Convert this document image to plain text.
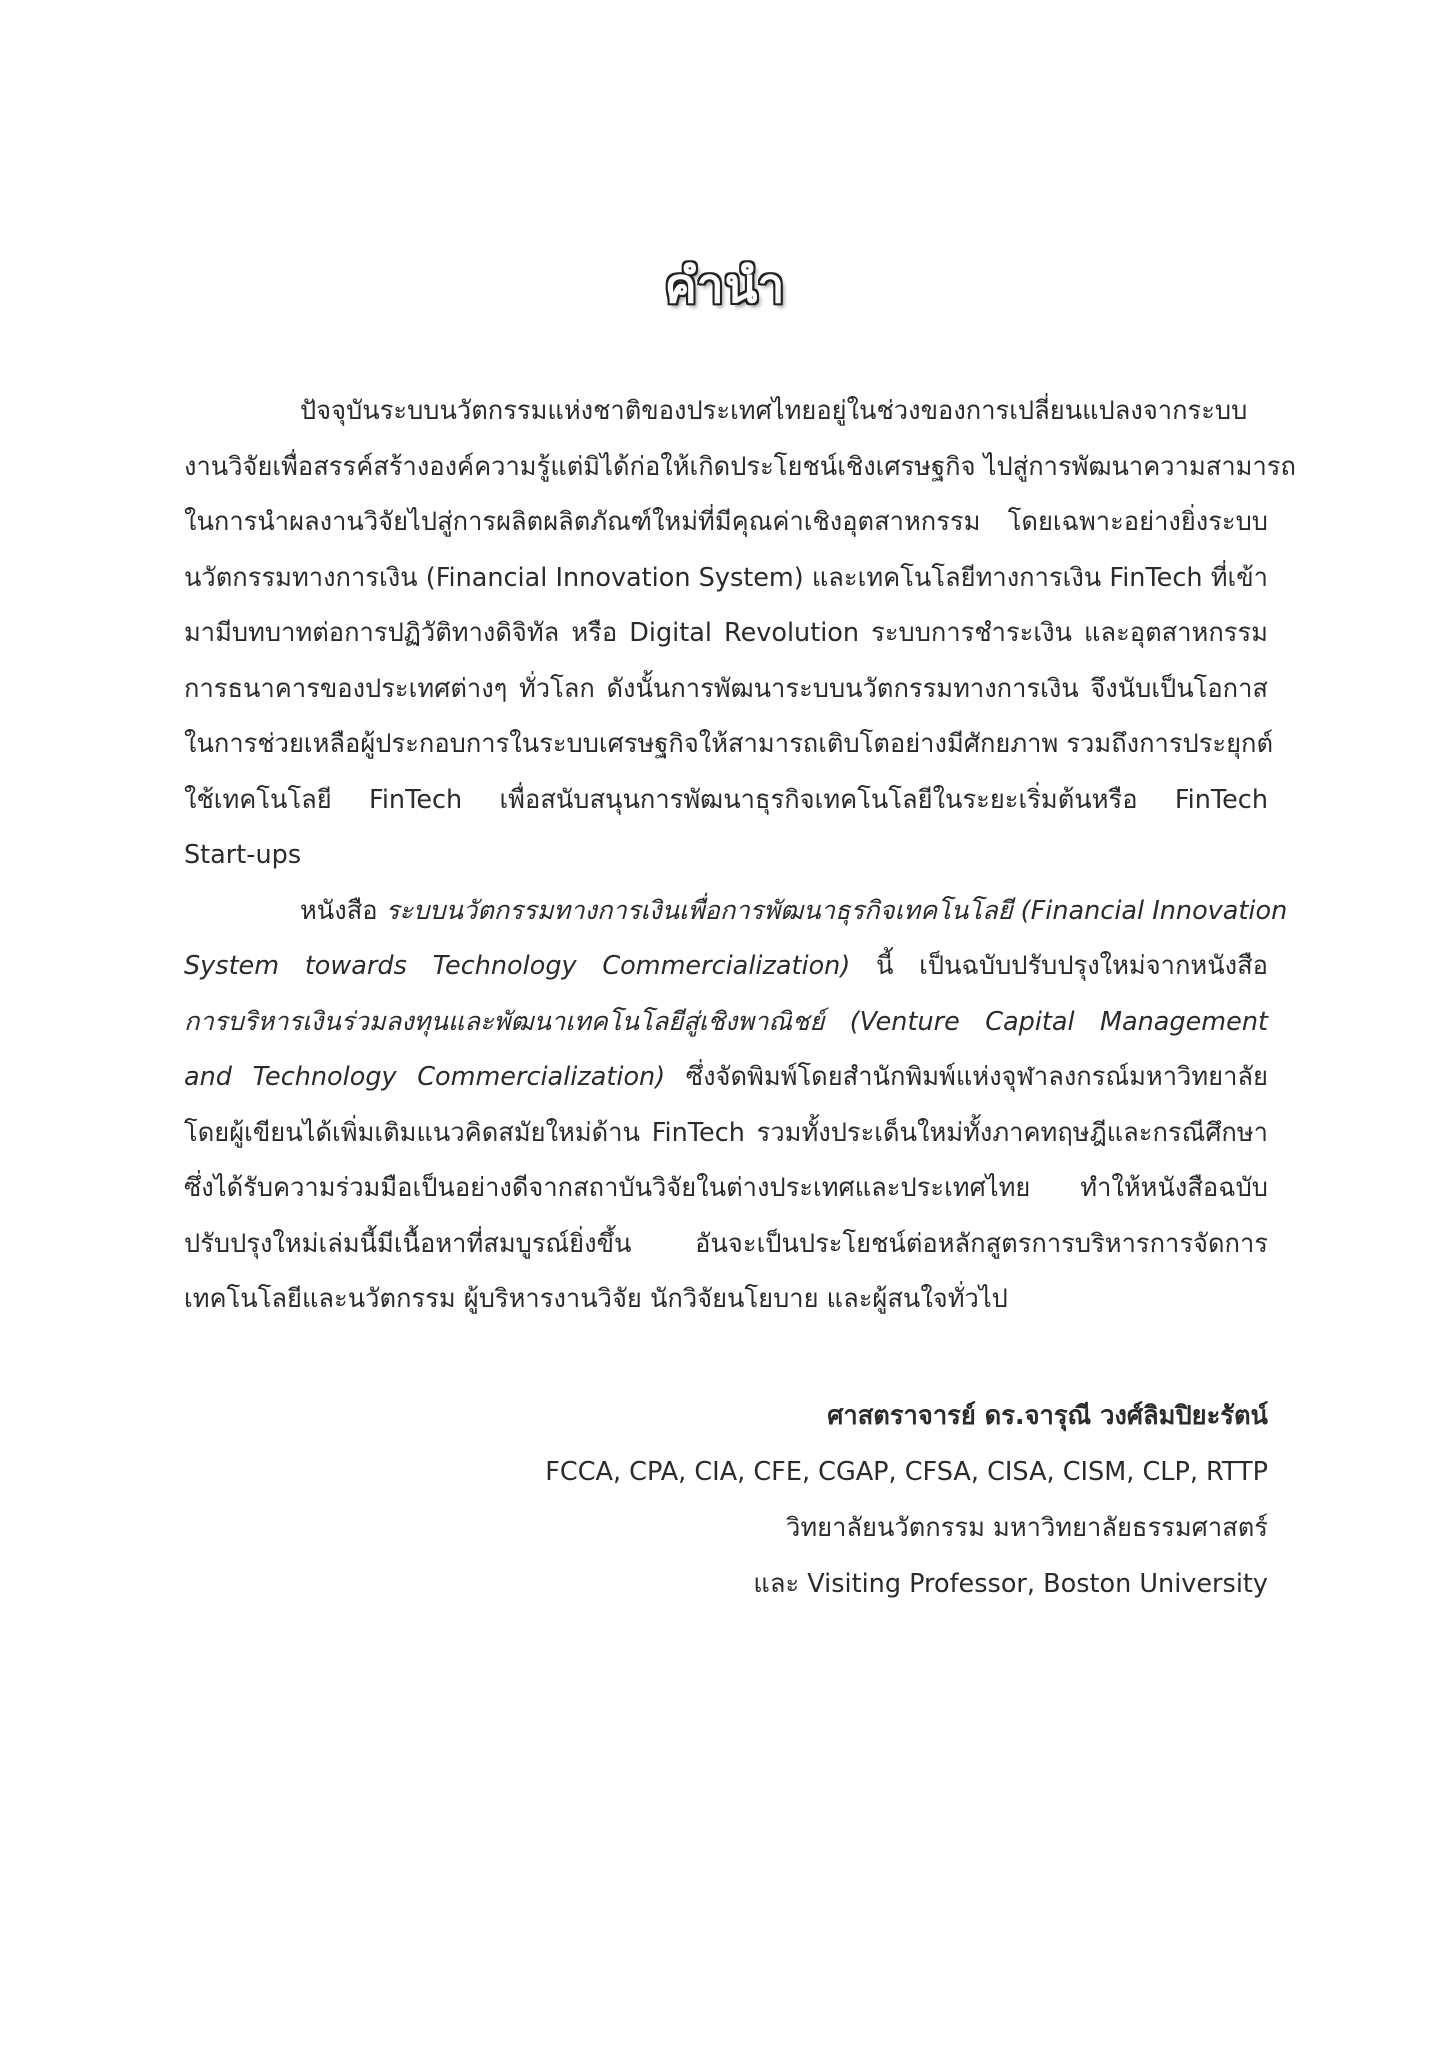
คำนำ
ปัจจุบันระบบนวัตกรรมแห่งชาติของประเทศไทยอยู่ในช่วงของการเปลี่ยนแปลงจากระบบ
งานวิจัยเพื่อสรรค์สร้างองค์ความรู้แต่มิได้ก่อให้เกิดประโยชน์เชิงเศรษฐกิจ ไปสู่การพัฒนาความสามารถ
ในการนำผลงานวิจัยไปสู่การผลิตผลิตภัณฑ์ใหม่ที่มีคุณค่าเชิงอุตสาหกรรม โดยเฉพาะอย่างยิ่งระบบ
นวัตกรรมทางการเงิน (Financial Innovation System) และเทคโนโลยีทางการเงิน FinTech ที่เข้า
มามีบทบาทต่อการปฏิวัติทางดิจิทัล หรือ Digital Revolution ระบบการชำระเงิน และอุตสาหกรรม
การธนาคารของประเทศต่างๆ ทั่วโลก ดังนั้นการพัฒนาระบบนวัตกรรมทางการเงิน จึงนับเป็นโอกาส
ในการช่วยเหลือผู้ประกอบการในระบบเศรษฐกิจให้สามารถเติบโตอย่างมีศักยภาพ รวมถึงการประยุกต์
ใช้เทคโนโลยี FinTech เพื่อสนับสนุนการพัฒนาธุรกิจเทคโนโลยีในระยะเริ่มต้นหรือ FinTech
Start-ups
หนังสือ ระบบนวัตกรรมทางการเงินเพื่อการพัฒนาธุรกิจเทคโนโลยี (Financial Innovation
System towards Technology Commercialization) นี้ เป็นฉบับปรับปรุงใหม่จากหนังสือ
การบริหารเงินร่วมลงทุนและพัฒนาเทคโนโลยีสู่เชิงพาณิชย์ (Venture Capital Management
and Technology Commercialization) ซึ่งจัดพิมพ์โดยสำนักพิมพ์แห่งจุฬาลงกรณ์มหาวิทยาลัย
โดยผู้เขียนได้เพิ่มเติมแนวคิดสมัยใหม่ด้าน FinTech รวมทั้งประเด็นใหม่ทั้งภาคทฤษฎีและกรณีศึกษา
ซึ่งได้รับความร่วมมือเป็นอย่างดีจากสถาบันวิจัยในต่างประเทศและประเทศไทย ทำให้หนังสือฉบับ
ปรับปรุงใหม่เล่มนี้มีเนื้อหาที่สมบูรณ์ยิ่งขึ้น อันจะเป็นประโยชน์ต่อหลักสูตรการบริหารการจัดการ
เทคโนโลยีและนวัตกรรม ผู้บริหารงานวิจัย นักวิจัยนโยบาย และผู้สนใจทั่วไป
ศาสตราจารย์ ดร.จารุณี วงศ์ลิมปิยะรัตน์
FCCA, CPA, CIA, CFE, CGAP, CFSA, CISA, CISM, CLP, RTTP
วิทยาลัยนวัตกรรม มหาวิทยาลัยธรรมศาสตร์
และ Visiting Professor, Boston University
